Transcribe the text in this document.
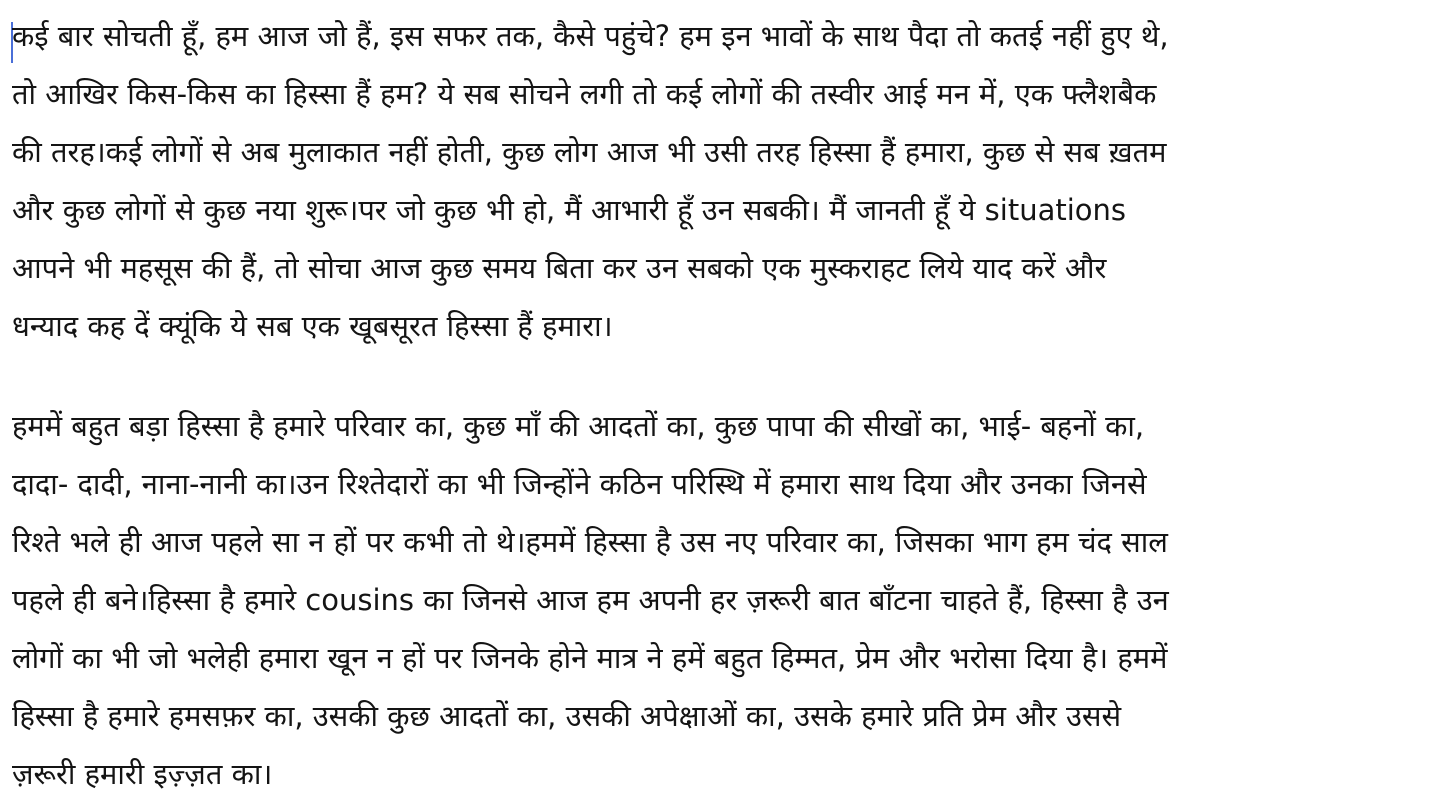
कई बार सोचती हूँ, हम आज जो हैं, इस सफर तक, कैसे पहुंचे? हम इन भावों के साथ पैदा तो कतई नहीं हुए थे,
तो आखिर किस-किस का हिस्सा हैं हम? ये सब सोचने लगी तो कई लोगों की तस्वीर आई मन में, एक फ्लैशबैक
की तरह।कई लोगों से अब मुलाकात नहीं होती, कुछ लोग आज भी उसी तरह हिस्सा हैं हमारा, कुछ से सब ख़तम
और कुछ लोगों से कुछ नया शुरू।पर जो कुछ भी हो, मैं आभारी हूँ उन सबकी। मैं जानती हूँ ये situations
आपने भी महसूस की हैं, तो सोचा आज कुछ समय बिता कर उन सबको एक मुस्कराहट लिये याद करें और
धन्याद कह दें क्यूंकि ये सब एक खूबसूरत हिस्सा हैं हमारा।

हममें बहुत बड़ा हिस्सा है हमारे परिवार का, कुछ माँ की आदतों का, कुछ पापा की सीखों का, भाई- बहनों का,
दादा- दादी, नाना-नानी का।उन रिश्तेदारों का भी जिन्होंने कठिन परिस्थि में हमारा साथ दिया और उनका जिनसे
रिश्ते भले ही आज पहले सा न हों पर कभी तो थे।हममें हिस्सा है उस नए परिवार का, जिसका भाग हम चंद साल
पहले ही बने।हिस्सा है हमारे cousins का जिनसे आज हम अपनी हर ज़रूरी बात बाँटना चाहते हैं, हिस्सा है उन
लोगों का भी जो भलेही हमारा खून न हों पर जिनके होने मात्र ने हमें बहुत हिम्मत, प्रेम और भरोसा दिया है। हममें
हिस्सा है हमारे हमसफ़र का, उसकी कुछ आदतों का, उसकी अपेक्षाओं का, उसके हमारे प्रति प्रेम और उससे
ज़रूरी हमारी इज़्ज़त का।
